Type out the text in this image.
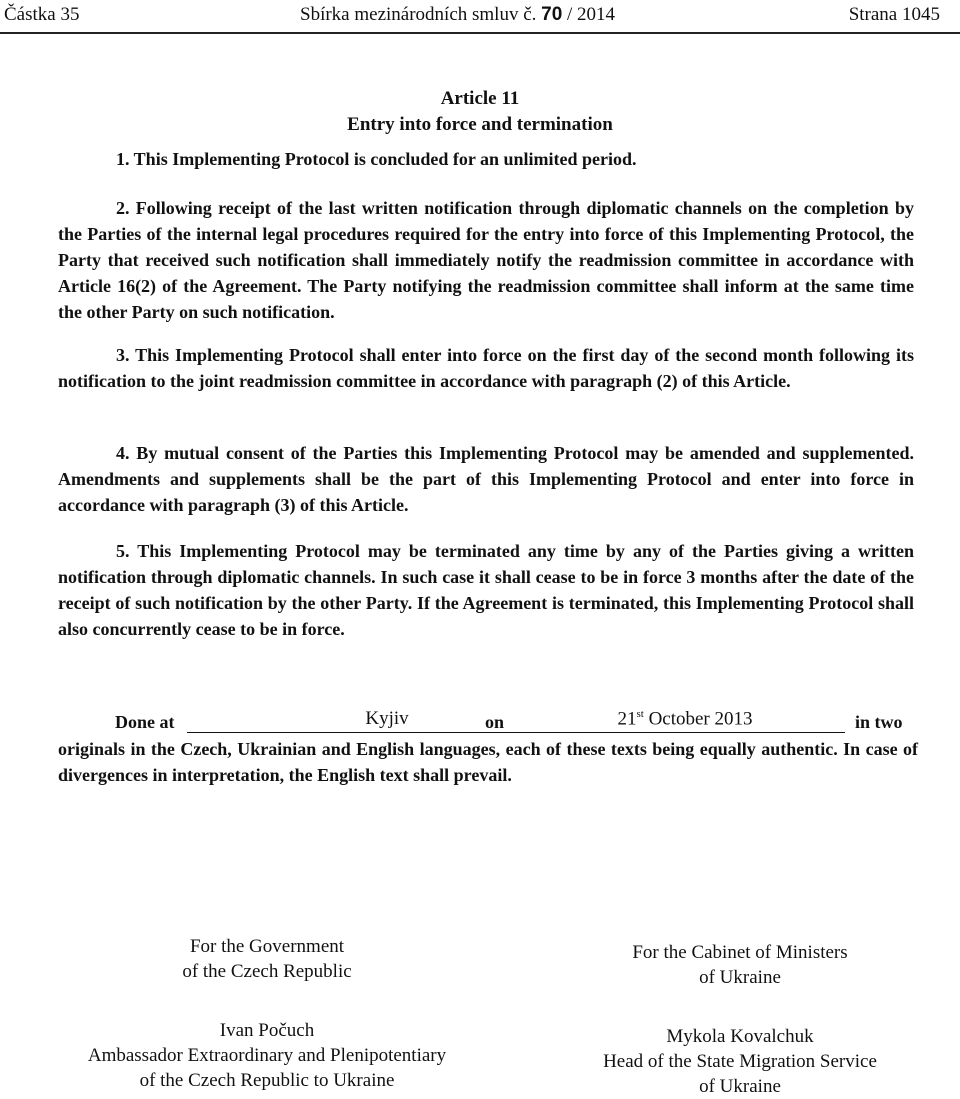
Částka 35	Sbírka mezinárodních smluv č. 70 / 2014	Strana 1045
Article 11
Entry into force and termination
1. This Implementing Protocol is concluded for an unlimited period.
2. Following receipt of the last written notification through diplomatic channels on the completion by the Parties of the internal legal procedures required for the entry into force of this Implementing Protocol, the Party that received such notification shall immediately notify the readmission committee in accordance with Article 16(2) of the Agreement. The Party notifying the readmission committee shall inform at the same time the other Party on such notification.
3. This Implementing Protocol shall enter into force on the first day of the second month following its notification to the joint readmission committee in accordance with paragraph (2) of this Article.
4. By mutual consent of the Parties this Implementing Protocol may be amended and supplemented. Amendments and supplements shall be the part of this Implementing Protocol and enter into force in accordance with paragraph (3) of this Article.
5. This Implementing Protocol may be terminated any time by any of the Parties giving a written notification through diplomatic channels. In such case it shall cease to be in force 3 months after the date of the receipt of such notification by the other Party. If the Agreement is terminated, this Implementing Protocol shall also concurrently cease to be in force.
Done at	Kyjiv	on	21st October 2013	in two
originals in the Czech, Ukrainian and English languages, each of these texts being equally authentic. In case of divergences in interpretation, the English text shall prevail.
For the Government
of the Czech Republic
Ivan Počuch
Ambassador Extraordinary and Plenipotentiary
of the Czech Republic to Ukraine
For the Cabinet of Ministers
of Ukraine
Mykola Kovalchuk
Head of the State Migration Service
of Ukraine
